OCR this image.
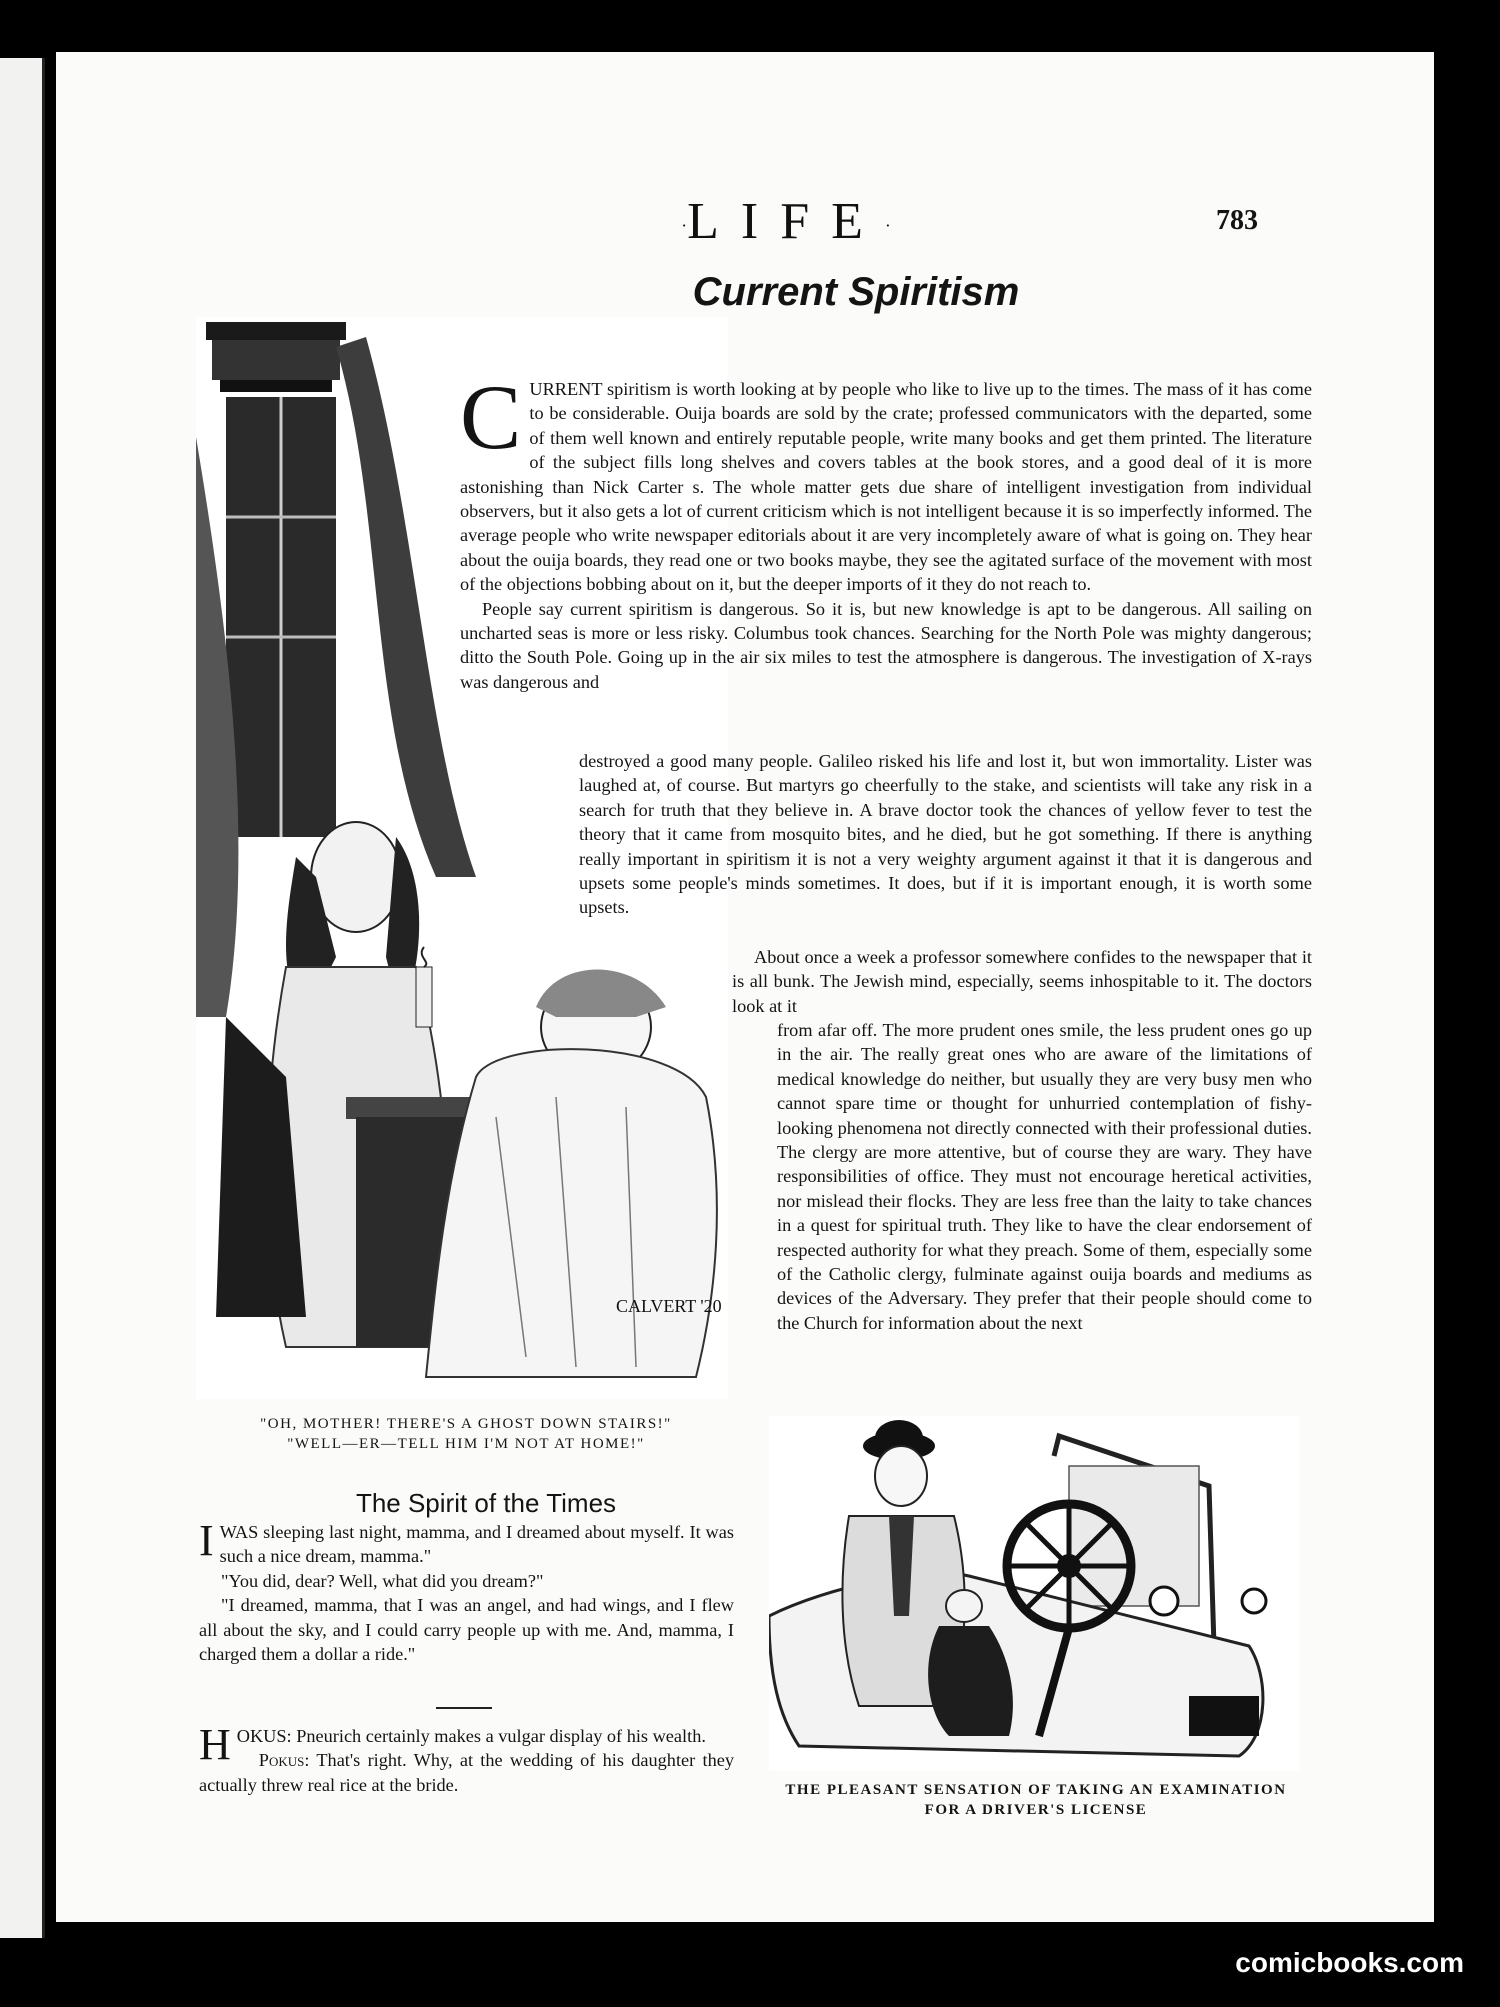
·LIFE·	783
Current Spiritism
CALVERT '20
"OH, MOTHER! THERE'S A GHOST DOWN STAIRS!"
"WELL—ER—TELL HIM I'M NOT AT HOME!"

CURRENT spiritism is worth looking at by people who like to live up to the times. The mass of it has come to be considerable. Ouija boards are sold by the crate; professed communicators with the departed, some of them well known and entirely reputable people, write many books and get them printed. The literature of the subject fills long shelves and covers tables at the book stores, and a good deal of it is more astonishing than Nick Carter s. The whole matter gets due share of intelligent investigation from individual observers, but it also gets a lot of current criticism which is not intelligent because it is so imperfectly informed. The average people who write newspaper editorials about it are very incompletely aware of what is going on. They hear about the ouija boards, they read one or two books maybe, they see the agitated surface of the movement with most of the objections bobbing about on it, but the deeper imports of it they do not reach to.

People say current spiritism is dangerous. So it is, but new knowledge is apt to be dangerous. All sailing on uncharted seas is more or less risky. Columbus took chances. Searching for the North Pole was mighty dangerous; ditto the South Pole. Going up in the air six miles to test the atmosphere is dangerous. The investigation of X-rays was dangerous and

destroyed a good many people. Galileo risked his life and lost it, but won immortality. Lister was laughed at, of course. But martyrs go cheerfully to the stake, and scientists will take any risk in a search for truth that they believe in. A brave doctor took the chances of yellow fever to test the theory that it came from mosquito bites, and he died, but he got something. If there is anything really important in spiritism it is not a very weighty argument against it that it is dangerous and upsets some people's minds sometimes. It does, but if it is important enough, it is worth some upsets.

About once a week a professor somewhere confides to the newspaper that it is all bunk. The Jewish mind, especially, seems inhospitable to it. The doctors look at it

from afar off. The more prudent ones smile, the less prudent ones go up in the air. The really great ones who are aware of the limitations of medical knowledge do neither, but usually they are very busy men who cannot spare time or thought for unhurried contemplation of fishy-looking phenomena not directly connected with their professional duties. The clergy are more attentive, but of course they are wary. They have responsibilities of office. They must not encourage heretical activities, nor mislead their flocks. They are less free than the laity to take chances in a quest for spiritual truth. They like to have the clear endorsement of respected authority for what they preach. Some of them, especially some of the Catholic clergy, fulminate against ouija boards and mediums as devices of the Adversary. They prefer that their people should come to the Church for information about the next

The Spirit of the Times

IWAS sleeping last night, mamma, and I dreamed about myself. It was such a nice dream, mamma."

"You did, dear? Well, what did you dream?"

"I dreamed, mamma, that I was an angel, and had wings, and I flew all about the sky, and I could carry people up with me. And, mamma, I charged them a dollar a ride."

HOKUS: Pneurich certainly makes a vulgar display of his wealth.

Pokus: That's right. Why, at the wedding of his daughter they actually threw real rice at the bride.	THE PLEASANT SENSATION OF TAKING AN EXAMINATION
FOR A DRIVER'S LICENSE
comicbooks.com
